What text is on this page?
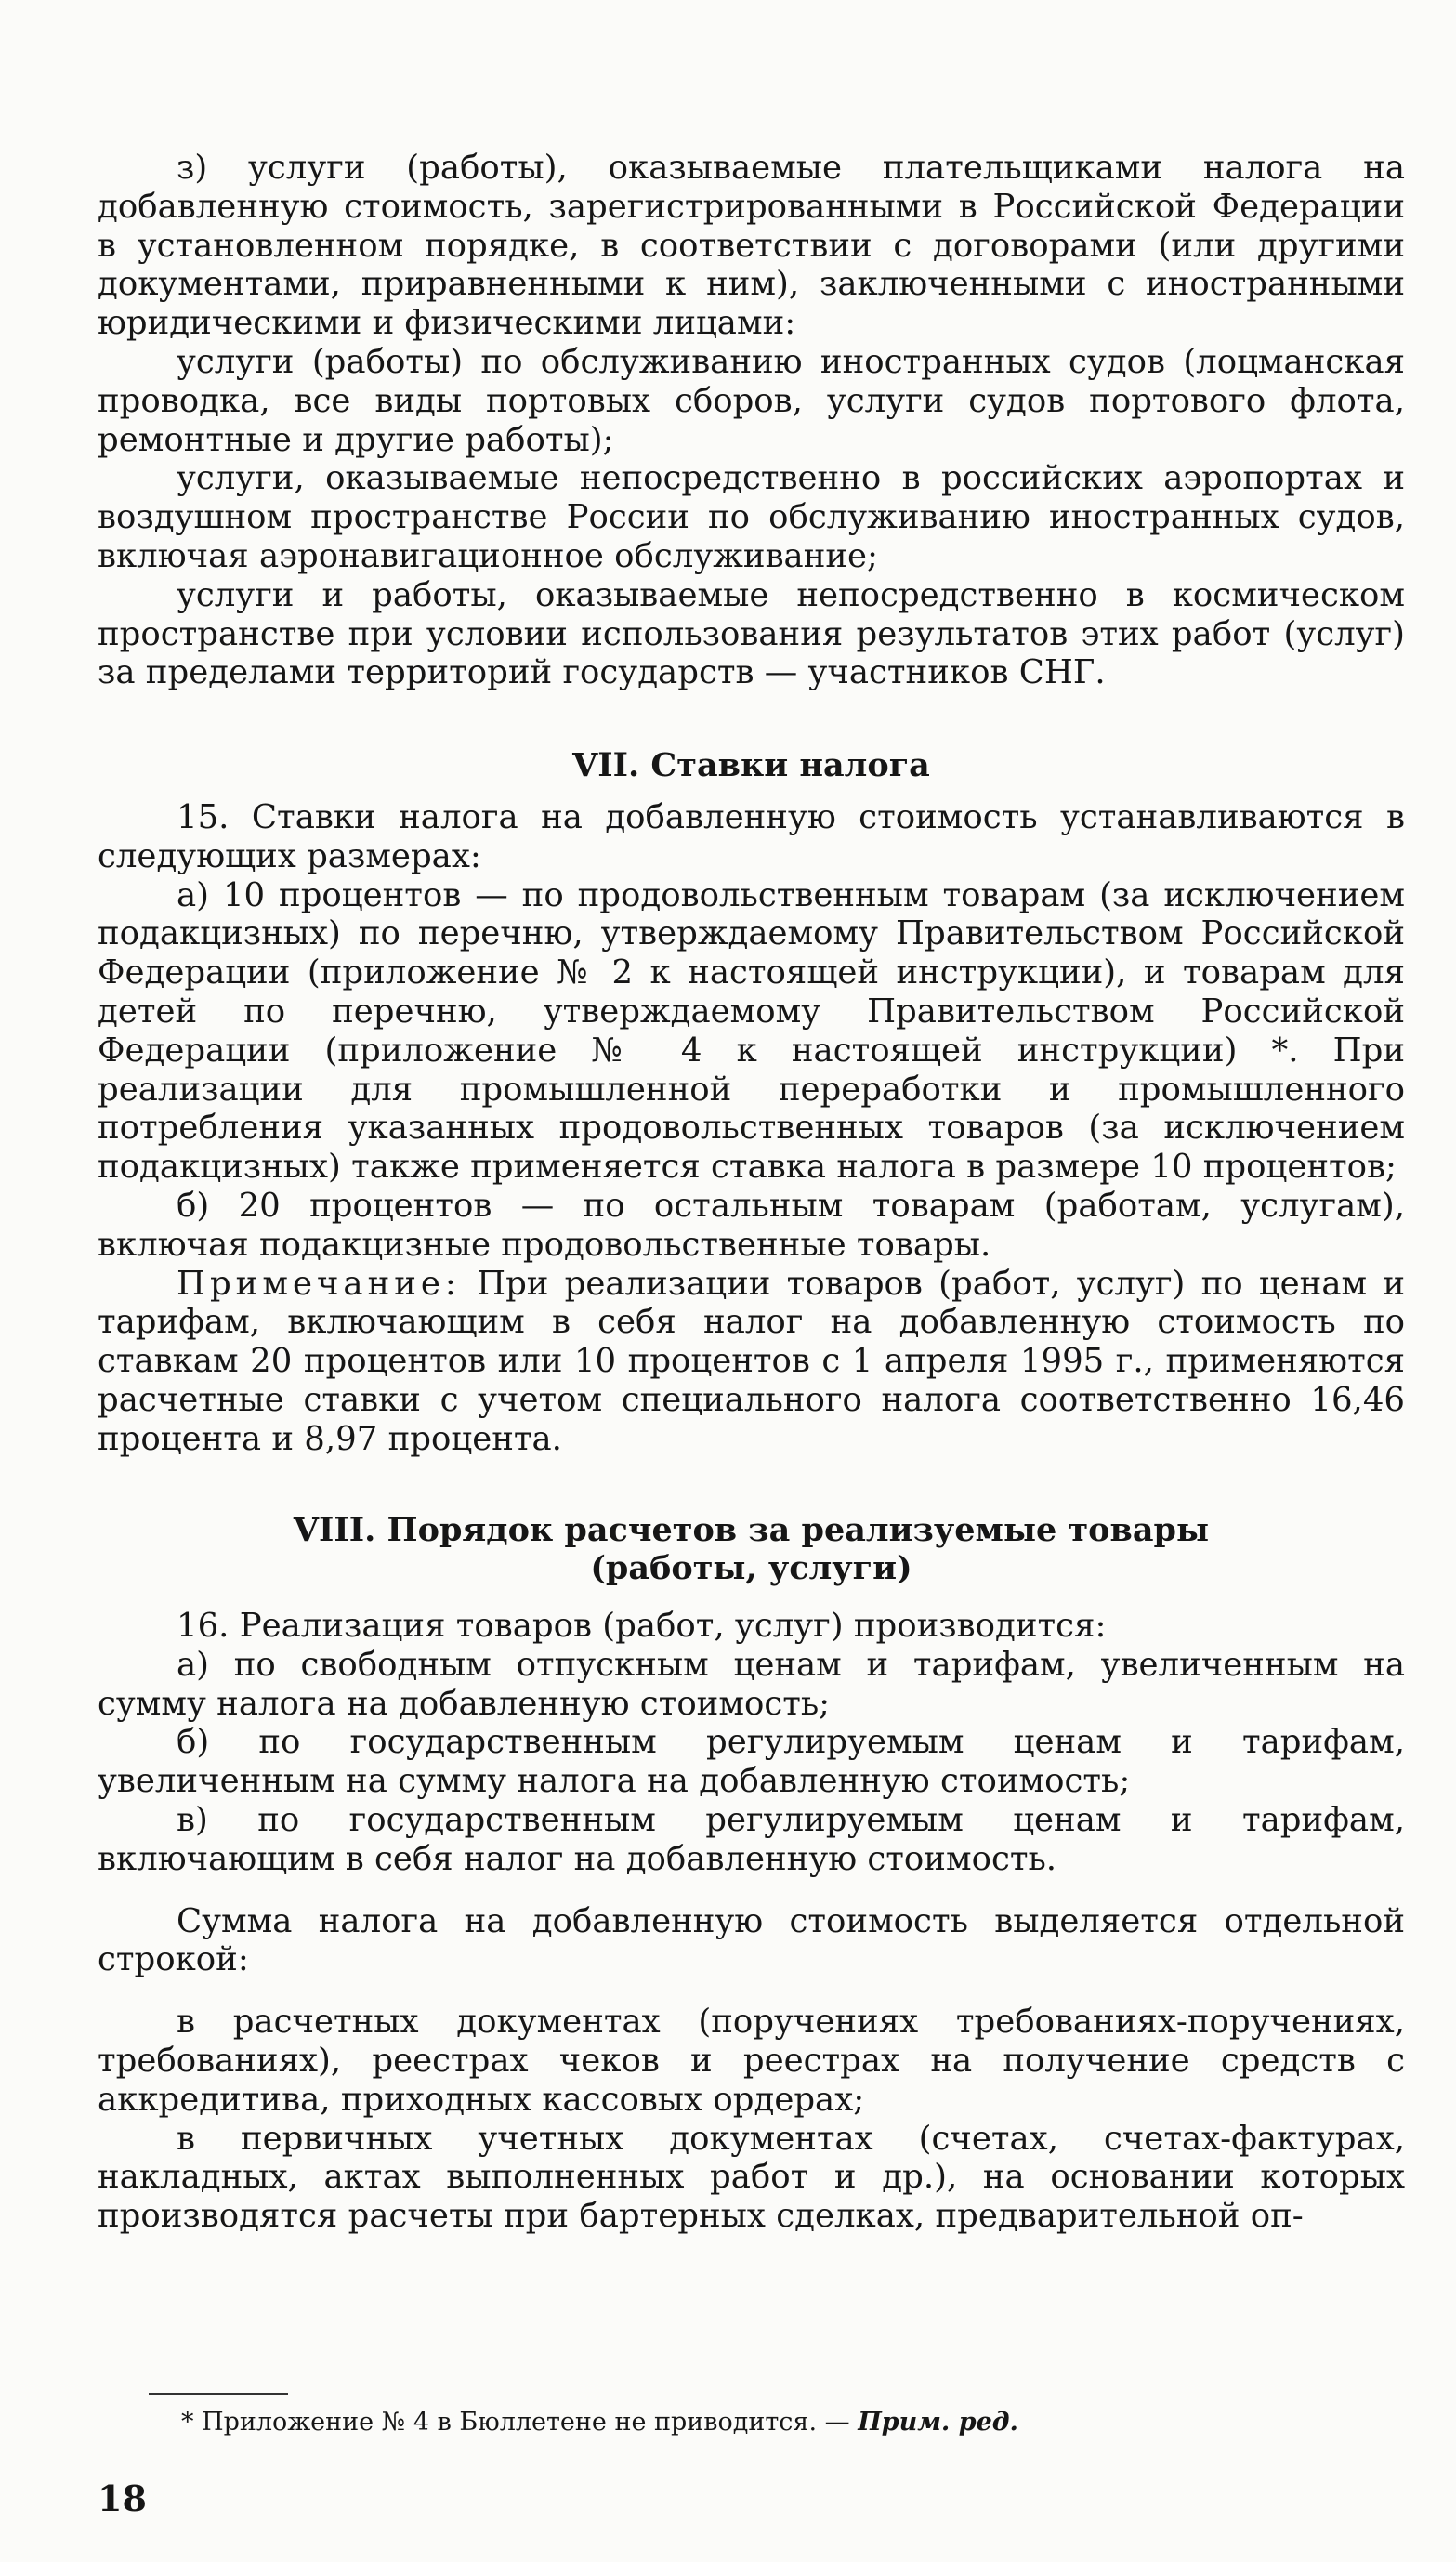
з) услуги (работы), оказываемые плательщиками налога на добавленную стоимость, зарегистрированными в Российской Федерации в установленном порядке, в соответствии с договорами (или другими документами, приравненными к ним), заключенными с иностранными юридическими и физическими лицами:

услуги (работы) по обслуживанию иностранных судов (лоцманская проводка, все виды портовых сборов, услуги судов портового флота, ремонтные и другие работы);

услуги, оказываемые непосредственно в российских аэропортах и воздушном пространстве России по обслуживанию иностранных судов, включая аэронавигационное обслуживание;

услуги и работы, оказываемые непосредственно в космическом пространстве при условии использования результатов этих работ (услуг) за пределами территорий государств — участников СНГ.

VII. Ставки налога

15. Ставки налога на добавленную стоимость устанавливаются в следующих размерах:

а) 10 процентов — по продовольственным товарам (за исключением подакцизных) по перечню, утверждаемому Правительством Российской Федерации (приложение № 2 к настоящей инструкции), и товарам для детей по перечню, утверждаемому Правительством Российской Федерации (приложение № 4 к настоящей инструкции) *. При реализации для промышленной переработки и промышленного потребления указанных продовольственных товаров (за исключением подакцизных) также применяется ставка налога в размере 10 процентов;

б) 20 процентов — по остальным товарам (работам, услугам), включая подакцизные продовольственные товары.

Примечание: При реализации товаров (работ, услуг) по ценам и тарифам, включающим в себя налог на добавленную стоимость по ставкам 20 процентов или 10 процентов с 1 апреля 1995 г., применяются расчетные ставки с учетом специального налога соответственно 16,46 процента и 8,97 процента.

VIII. Порядок расчетов за реализуемые товары
(работы, услуги)

16. Реализация товаров (работ, услуг) производится:

а) по свободным отпускным ценам и тарифам, увеличенным на сумму налога на добавленную стоимость;

б) по государственным регулируемым ценам и тарифам, увеличенным на сумму налога на добавленную стоимость;

в) по государственным регулируемым ценам и тарифам, включающим в себя налог на добавленную стоимость.

Сумма налога на добавленную стоимость выделяется отдельной строкой:

в расчетных документах (поручениях требованиях-поручениях, требованиях), реестрах чеков и реестрах на получение средств с аккредитива, приходных кассовых ордерах;

в первичных учетных документах (счетах, счетах-фактурах, накладных, актах выполненных работ и др.), на основании которых производятся расчеты при бартерных сделках, предварительной оп-

* Приложение № 4 в Бюллетене не приводится. — Прим. ред.
18
